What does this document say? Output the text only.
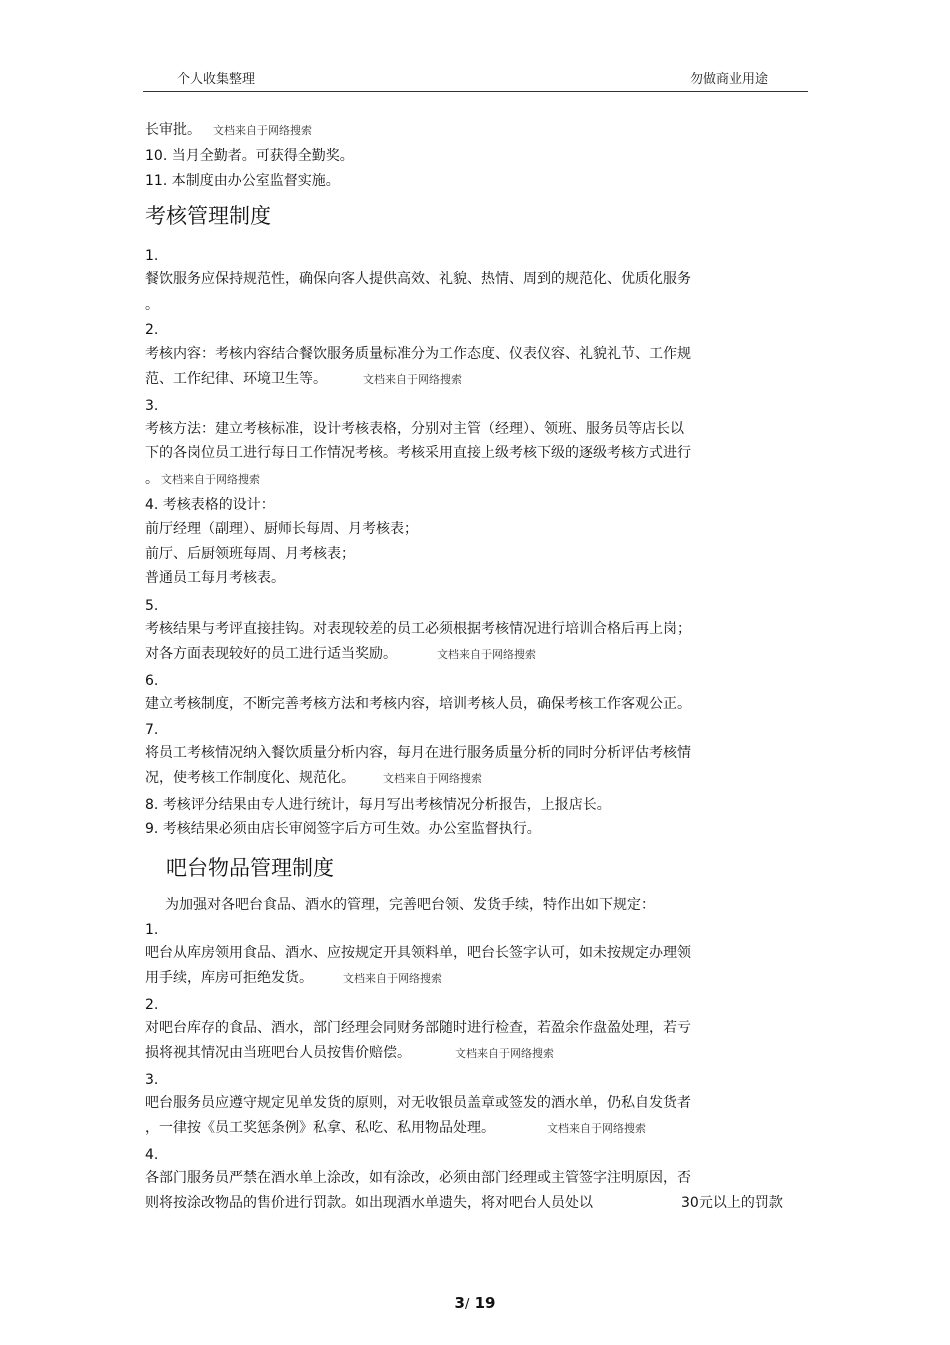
个人收集整理	勿做商业用途
长审批。 文档来自于网络搜索
10. 当月全勤者。可获得全勤奖。
11. 本制度由办公室监督实施。
考核管理制度
1.
餐饮服务应保持规范性，确保向客人提供高效、礼貌、热情、周到的规范化、优质化服务
。
2.
考核内容：考核内容结合餐饮服务质量标准分为工作态度、仪表仪容、礼貌礼节、工作规
范、工作纪律、环境卫生等。	文档来自于网络搜索
3.
考核方法：建立考核标准，设计考核表格，分别对主管（经理）、领班、服务员等店长以
下的各岗位员工进行每日工作情况考核。考核采用直接上级考核下级的逐级考核方式进行
。 文档来自于网络搜索
4. 考核表格的设计：
前厅经理（副理）、厨师长每周、月考核表；
前厅、后厨领班每周、月考核表；
普通员工每月考核表。
5.
考核结果与考评直接挂钩。对表现较差的员工必须根据考核情况进行培训合格后再上岗；
对各方面表现较好的员工进行适当奖励。	文档来自于网络搜索
6.
建立考核制度，不断完善考核方法和考核内容，培训考核人员，确保考核工作客观公正。
7.
将员工考核情况纳入餐饮质量分析内容，每月在进行服务质量分析的同时分析评估考核情
况，使考核工作制度化、规范化。	文档来自于网络搜索
8. 考核评分结果由专人进行统计，每月写出考核情况分析报告，上报店长。
9. 考核结果必须由店长审阅签字后方可生效。办公室监督执行。
吧台物品管理制度
为加强对各吧台食品、酒水的管理，完善吧台领、发货手续，特作出如下规定：
1.
吧台从库房领用食品、酒水、应按规定开具领料单，吧台长签字认可，如未按规定办理领
用手续，库房可拒绝发货。	文档来自于网络搜索
2.
对吧台库存的食品、酒水，部门经理会同财务部随时进行检查，若盈余作盘盈处理，若亏
损将视其情况由当班吧台人员按售价赔偿。	文档来自于网络搜索
3.
吧台服务员应遵守规定见单发货的原则，对无收银员盖章或签发的酒水单，仍私自发货者
，一律按《员工奖惩条例》私拿、私吃、私用物品处理。	文档来自于网络搜索
4.
各部门服务员严禁在酒水单上涂改，如有涂改，必须由部门经理或主管签字注明原因，否
则将按涂改物品的售价进行罚款。如出现酒水单遗失，将对吧台人员处以	30元以上的罚款
3/ 19
